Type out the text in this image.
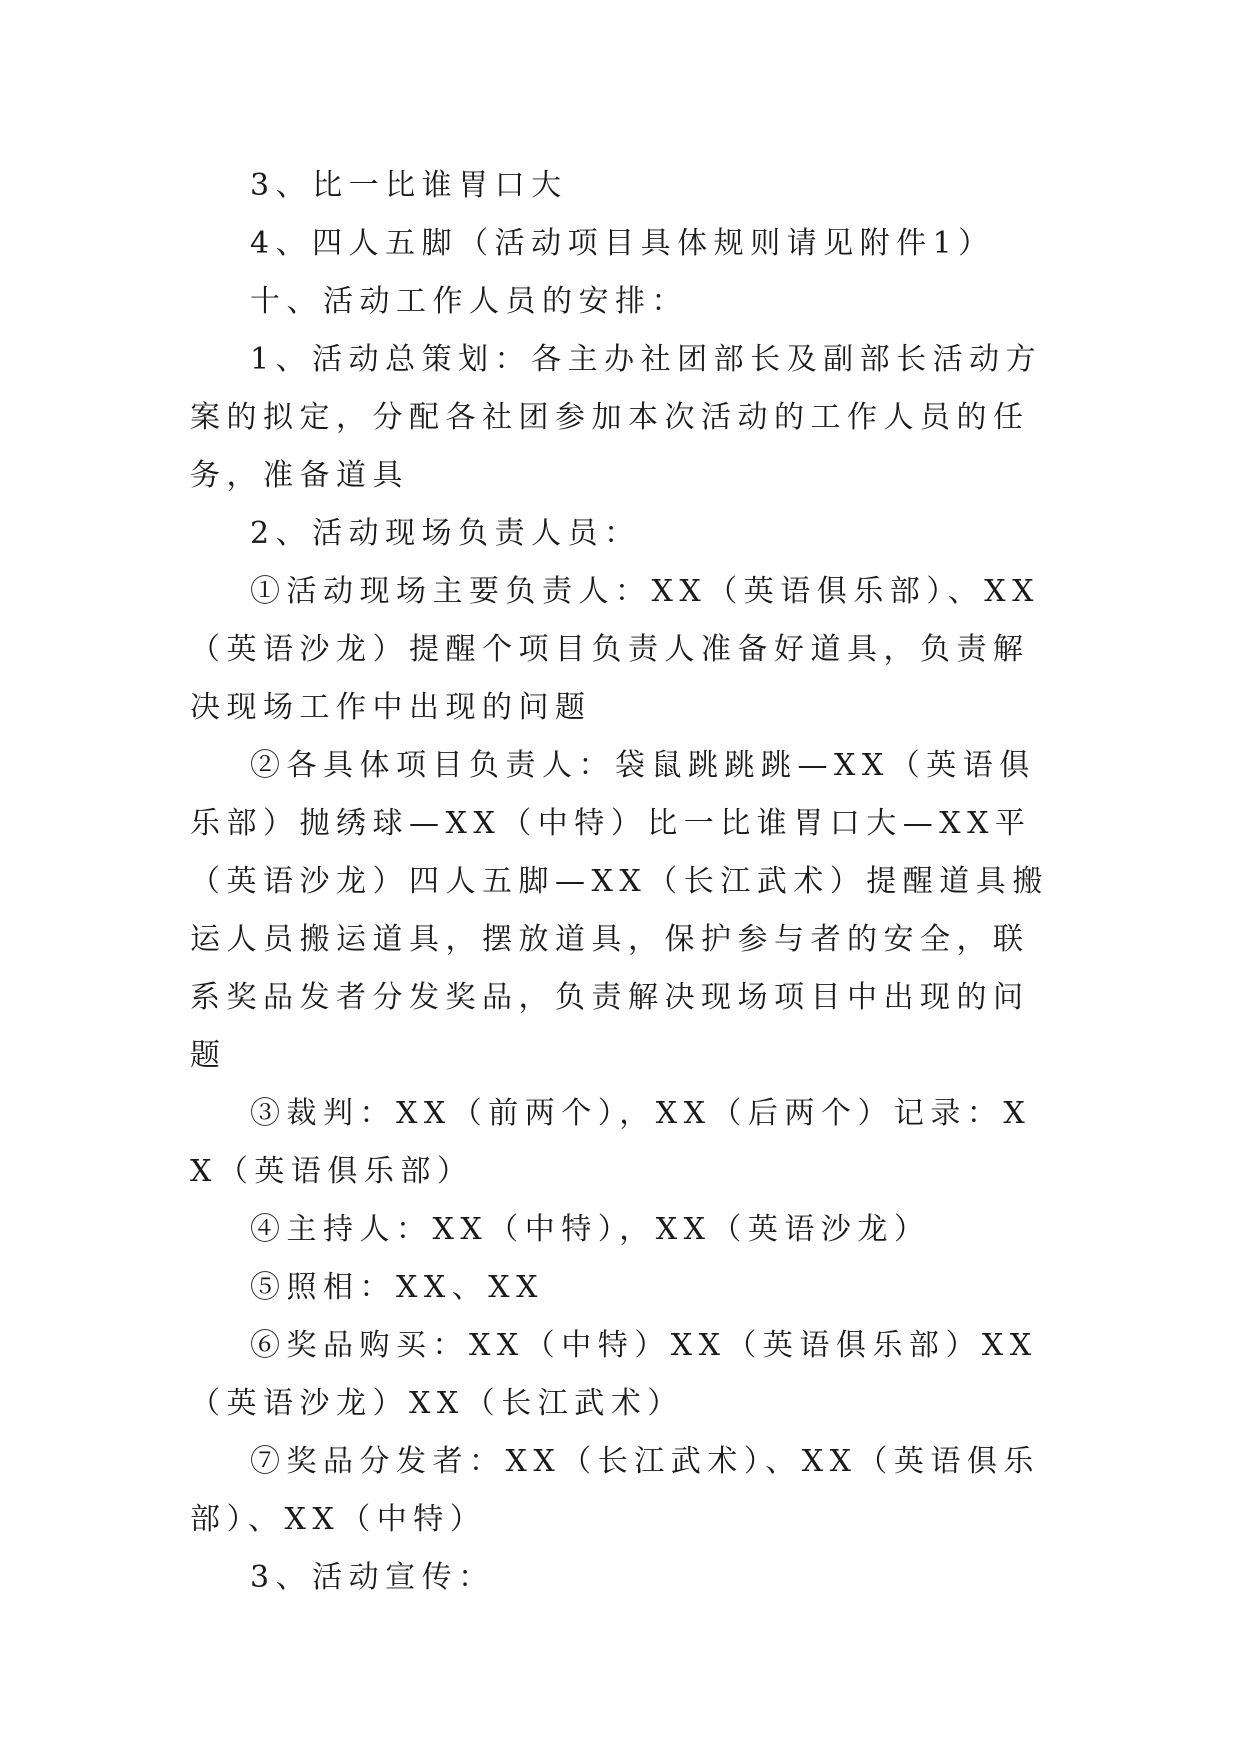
3、比一比谁胃口大

4、四人五脚（活动项目具体规则请见附件1）

十、活动工作人员的安排：

1、活动总策划：各主办社团部长及副部长活动方案的拟定，分配各社团参加本次活动的工作人员的任务，准备道具

2、活动现场负责人员：

①活动现场主要负责人：XX（英语俱乐部）、XX（英语沙龙）提醒个项目负责人准备好道具，负责解决现场工作中出现的问题

②各具体项目负责人：袋鼠跳跳跳—XX（英语俱乐部）抛绣球—XX（中特）比一比谁胃口大—XX平（英语沙龙）四人五脚—XX（长江武术）提醒道具搬运人员搬运道具，摆放道具，保护参与者的安全，联系奖品发者分发奖品，负责解决现场项目中出现的问题

③裁判：XX（前两个），XX（后两个）记录：XX（英语俱乐部）

④主持人：XX（中特），XX（英语沙龙）

⑤照相：XX、XX

⑥奖品购买：XX（中特）XX（英语俱乐部）XX（英语沙龙）XX（长江武术）

⑦奖品分发者：XX（长江武术）、XX（英语俱乐部）、XX（中特）

3、活动宣传：
